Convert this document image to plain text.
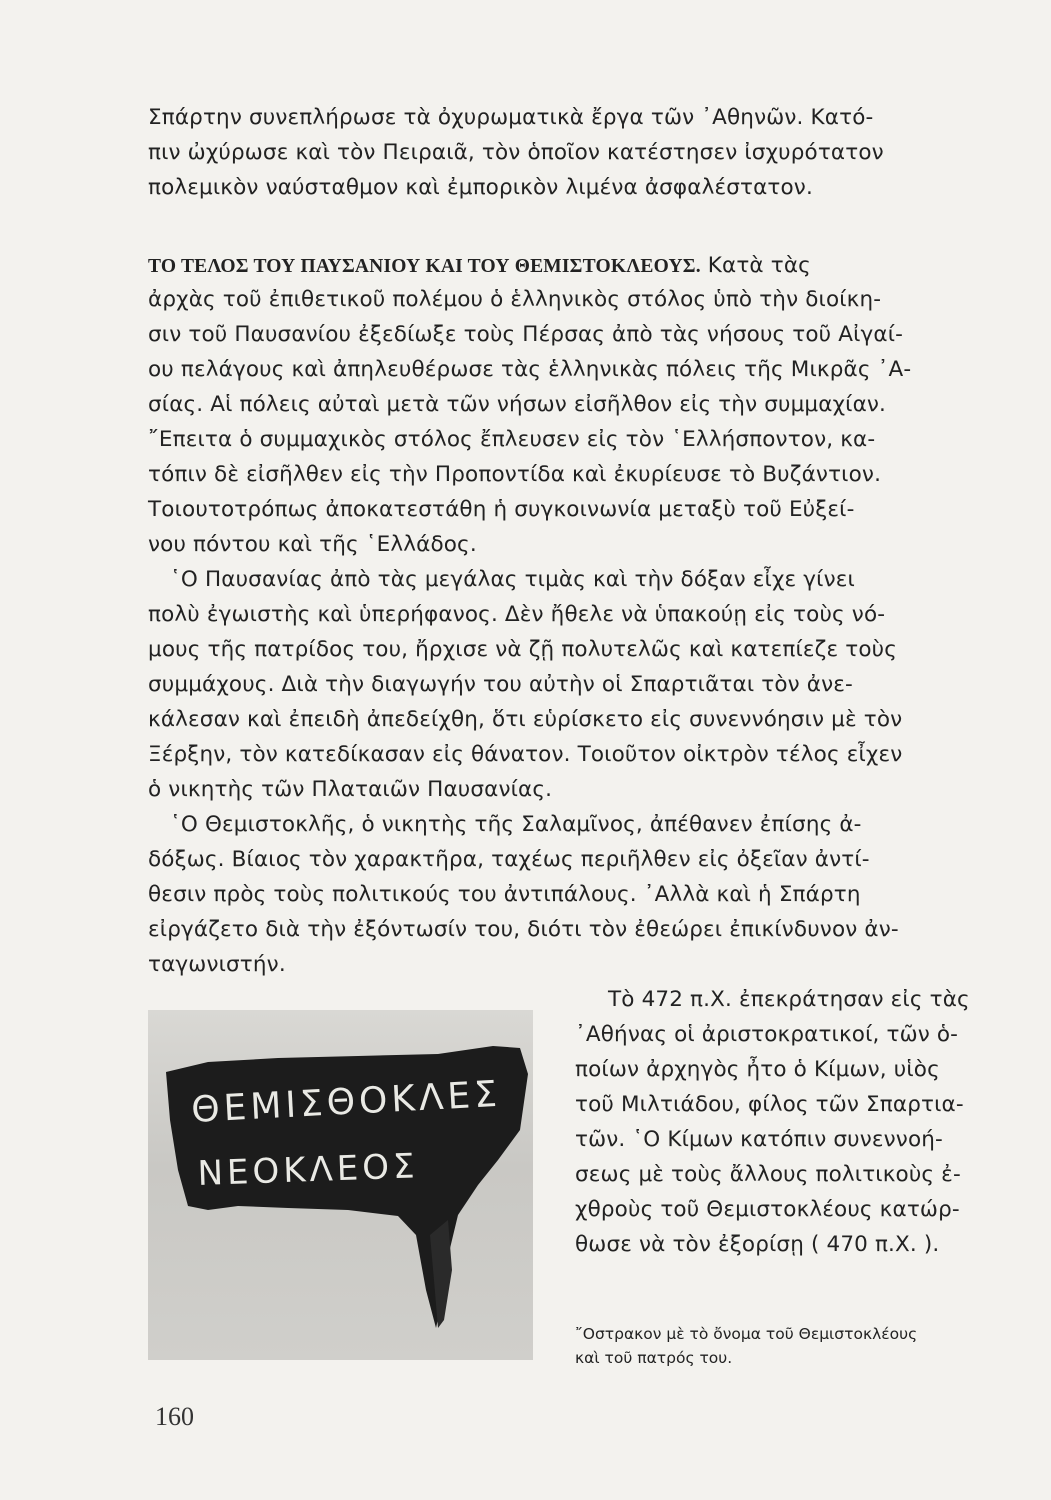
Σπάρτην συνεπλήρωσε τὰ ὀχυρωματικὰ ἔργα τῶν ᾿Αθηνῶν. Κατό-
πιν ὠχύρωσε καὶ τὸν Πειραιᾶ, τὸν ὁποῖον κατέστησεν ἰσχυρότατον
πολεμικὸν ναύσταθμον καὶ ἐμπορικὸν λιμένα ἀσφαλέστατον.
ΤΟ ΤΕΛΟΣ ΤΟΥ ΠΑΥΣΑΝΙΟΥ ΚΑΙ ΤΟΥ ΘΕΜΙΣΤΟΚΛΕΟΥΣ. Κατὰ τὰς
ἀρχὰς τοῦ ἐπιθετικοῦ πολέμου ὁ ἑλληνικὸς στόλος ὑπὸ τὴν διοίκη-
σιν τοῦ Παυσανίου ἐξεδίωξε τοὺς Πέρσας ἀπὸ τὰς νήσους τοῦ Αἰγαί-
ου πελάγους καὶ ἀπηλευθέρωσε τὰς ἑλληνικὰς πόλεις τῆς Μικρᾶς ᾿Α-
σίας. Αἱ πόλεις αὐταὶ μετὰ τῶν νήσων εἰσῆλθον εἰς τὴν συμμαχίαν.
῎Επειτα ὁ συμμαχικὸς στόλος ἔπλευσεν εἰς τὸν ῾Ελλήσποντον, κα-
τόπιν δὲ εἰσῆλθεν εἰς τὴν Προποντίδα καὶ ἐκυρίευσε τὸ Βυζάντιον.
Τοιουτοτρόπως ἀποκατεστάθη ἡ συγκοινωνία μεταξὺ τοῦ Εὐξεί-
νου πόντου καὶ τῆς ῾Ελλάδος.
῾Ο Παυσανίας ἀπὸ τὰς μεγάλας τιμὰς καὶ τὴν δόξαν εἶχε γίνει
πολὺ ἐγωιστὴς καὶ ὑπερήφανος. Δὲν ἤθελε νὰ ὑπακούῃ εἰς τοὺς νό-
μους τῆς πατρίδος του, ἤρχισε νὰ ζῇ πολυτελῶς καὶ κατεπίεζε τοὺς
συμμάχους. Διὰ τὴν διαγωγήν του αὐτὴν οἱ Σπαρτιᾶται τὸν ἀνε-
κάλεσαν καὶ ἐπειδὴ ἀπεδείχθη, ὅτι εὑρίσκετο εἰς συνεννόησιν μὲ τὸν
Ξέρξην, τὸν κατεδίκασαν εἰς θάνατον. Τοιοῦτον οἰκτρὸν τέλος εἶχεν
ὁ νικητὴς τῶν Πλαταιῶν Παυσανίας.
῾Ο Θεμιστοκλῆς, ὁ νικητὴς τῆς Σαλαμῖνος, ἀπέθανεν ἐπίσης ἀ-
δόξως. Βίαιος τὸν χαρακτῆρα, ταχέως περιῆλθεν εἰς ὀξεῖαν ἀντί-
θεσιν πρὸς τοὺς πολιτικούς του ἀντιπάλους. ᾿Αλλὰ καὶ ἡ Σπάρτη
εἰργάζετο διὰ τὴν ἐξόντωσίν του, διότι τὸν ἐθεώρει ἐπικίνδυνον ἀν-
ταγωνιστήν.
ΘΕΜΙΣΘΟΚΛΕΣ
ΝΕΟΚΛΕΟΣ
Τὸ 472 π.Χ. ἐπεκράτησαν εἰς τὰς
᾿Αθήνας οἱ ἀριστοκρατικοί, τῶν ὁ-
ποίων ἀρχηγὸς ἦτο ὁ Κίμων, υἱὸς
τοῦ Μιλτιάδου, φίλος τῶν Σπαρτια-
τῶν. ῾Ο Κίμων κατόπιν συνεννοή-
σεως μὲ τοὺς ἄλλους πολιτικοὺς ἐ-
χθροὺς τοῦ Θεμιστοκλέους κατώρ-
θωσε νὰ τὸν ἐξορίσῃ ( 470 π.Χ. ).
῎Οστρακον μὲ τὸ ὄνομα τοῦ Θεμιστοκλέους
καὶ τοῦ πατρός του.
160
